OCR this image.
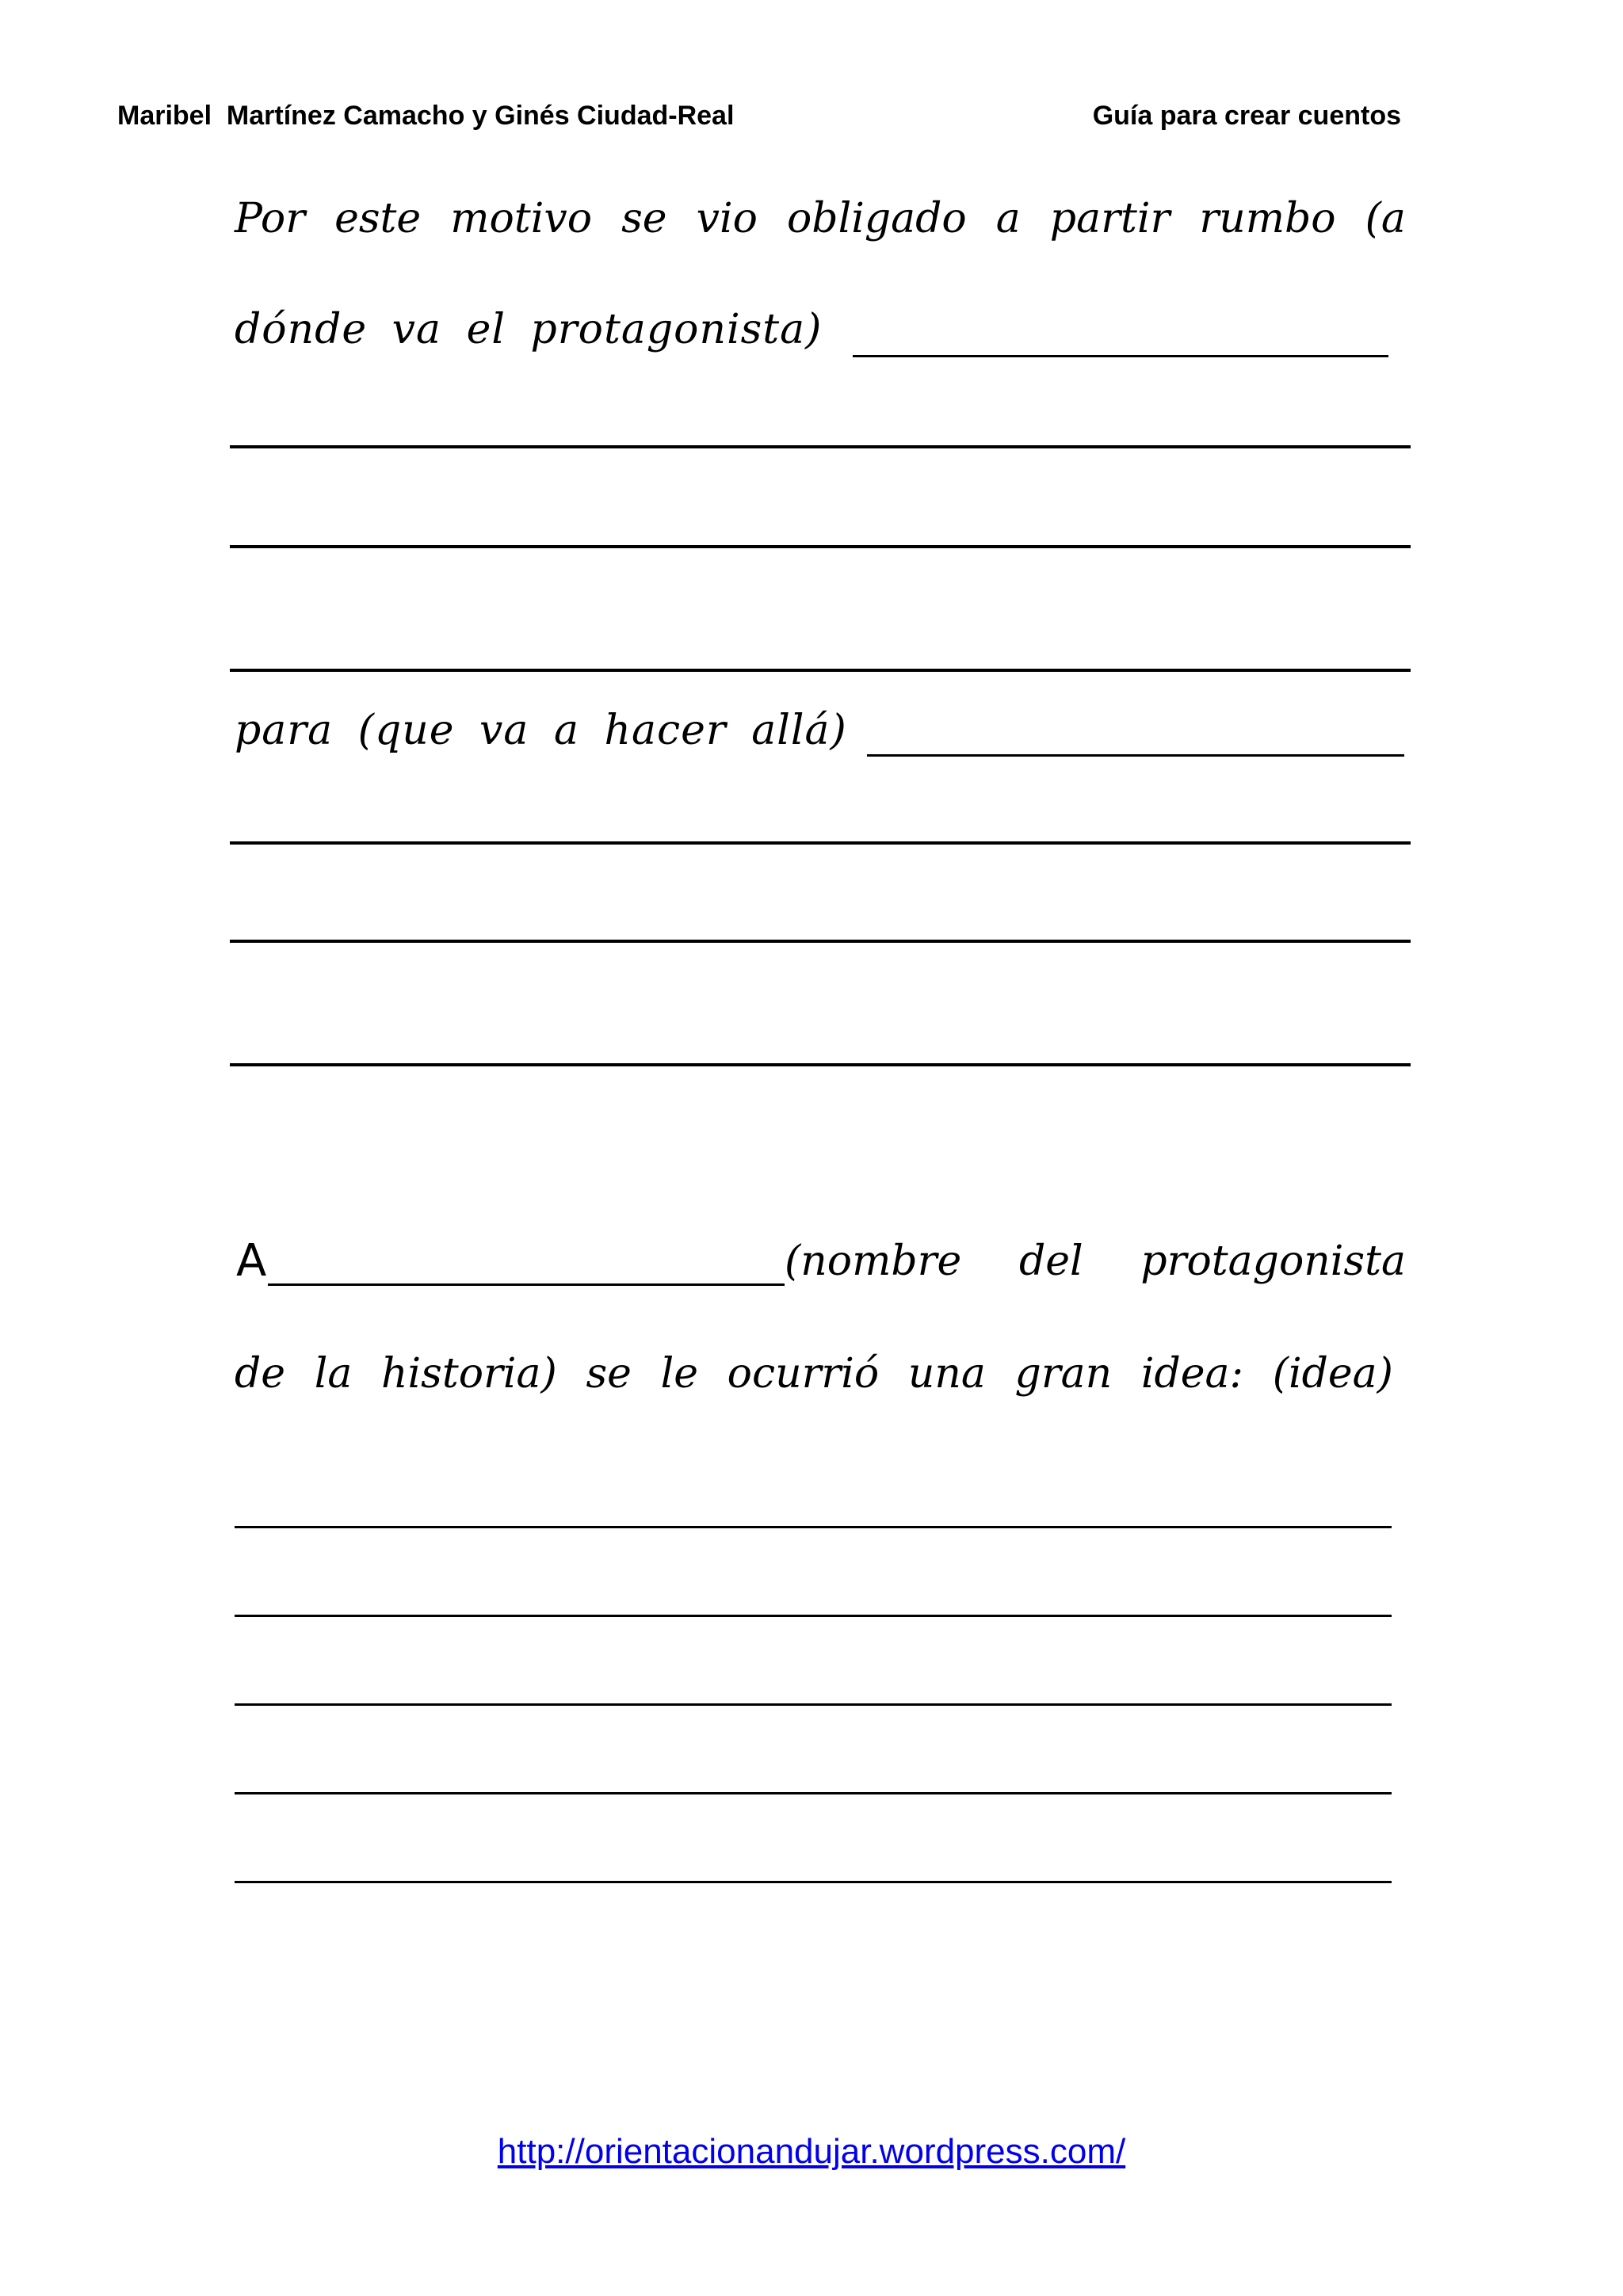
Maribel  Martínez Camacho y Ginés Ciudad-Real	Guía para crear cuentos
Por este motivo se vio obligado a partir rumbo (a
dónde va el protagonista)
para (que va a hacer allá)
A	(nombre del protagonista
de la historia) se le ocurrió una gran idea: (idea)
http://orientacionandujar.wordpress.com/
